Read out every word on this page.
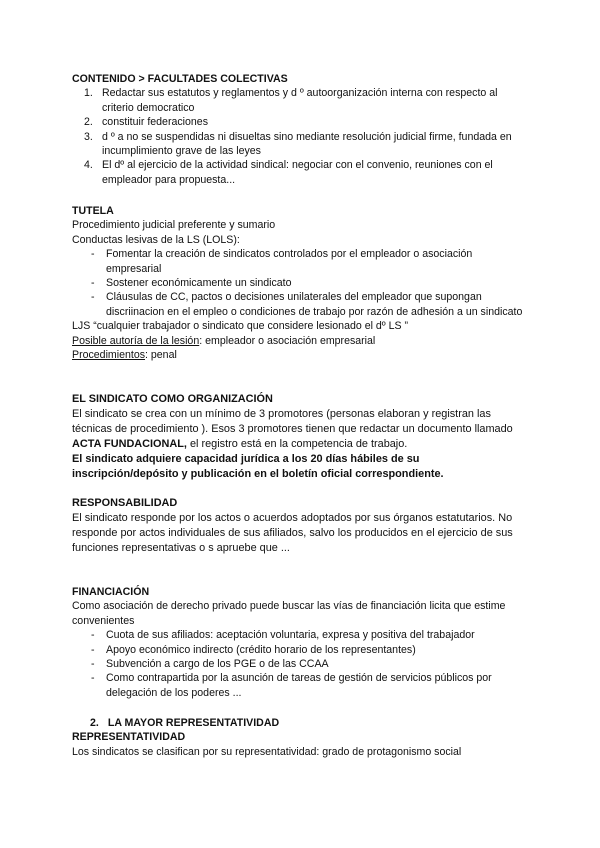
CONTENIDO > FACULTADES COLECTIVAS

1. Redactar sus estatutos y reglamentos y d º autoorganización interna con respecto al criterio democratico
2. constituir federaciones
3. d º a no se suspendidas ni disueltas sino mediante resolución judicial firme, fundada en incumplimiento grave de las leyes
4. El dº al ejercicio de la actividad sindical: negociar con el convenio, reuniones con el empleador para propuesta...

TUTELA

Procedimiento judicial preferente y sumario

Conductas lesivas de la LS (LOLS):

- Fomentar la creación de sindicatos controlados por el empleador o asociación empresarial
- Sostener económicamente un sindicato
- Cláusulas de CC, pactos o decisiones unilaterales del empleador que supongan discriinacion en el empleo o condiciones de trabajo por razón de adhesión a un sindicato

LJS “cualquier trabajador o sindicato que considere lesionado el dº LS ”

Posible autoría de la lesión: empleador o asociación empresarial

Procedimientos: penal

EL SINDICATO COMO ORGANIZACIÓN

El sindicato se crea con un mínimo de 3 promotores (personas elaboran y registran las técnicas de procedimiento ). Esos 3 promotores tienen que redactar un documento llamado ACTA FUNDACIONAL, el registro está en la competencia de trabajo.

El sindicato adquiere capacidad jurídica a los 20 días hábiles de su inscripción/depósito y publicación en el boletín oficial correspondiente.

RESPONSABILIDAD

El sindicato responde por los actos o acuerdos adoptados por sus órganos estatutarios. No responde por actos individuales de sus afiliados, salvo los producidos en el ejercicio de sus funciones representativas o s apruebe que ...

FINANCIACIÓN

Como asociación de derecho privado puede buscar las vías de financiación licita que estime convenientes

- Cuota de sus afiliados: aceptación voluntaria, expresa y positiva del trabajador
- Apoyo económico indirecto (crédito horario de los representantes)
- Subvención a cargo de los PGE o de las CCAA
- Como contrapartida por la asunción de tareas de gestión de servicios públicos por delegación de los poderes ...

2. LA MAYOR REPRESENTATIVIDAD

REPRESENTATIVIDAD

Los sindicatos se clasifican por su representatividad: grado de protagonismo social
